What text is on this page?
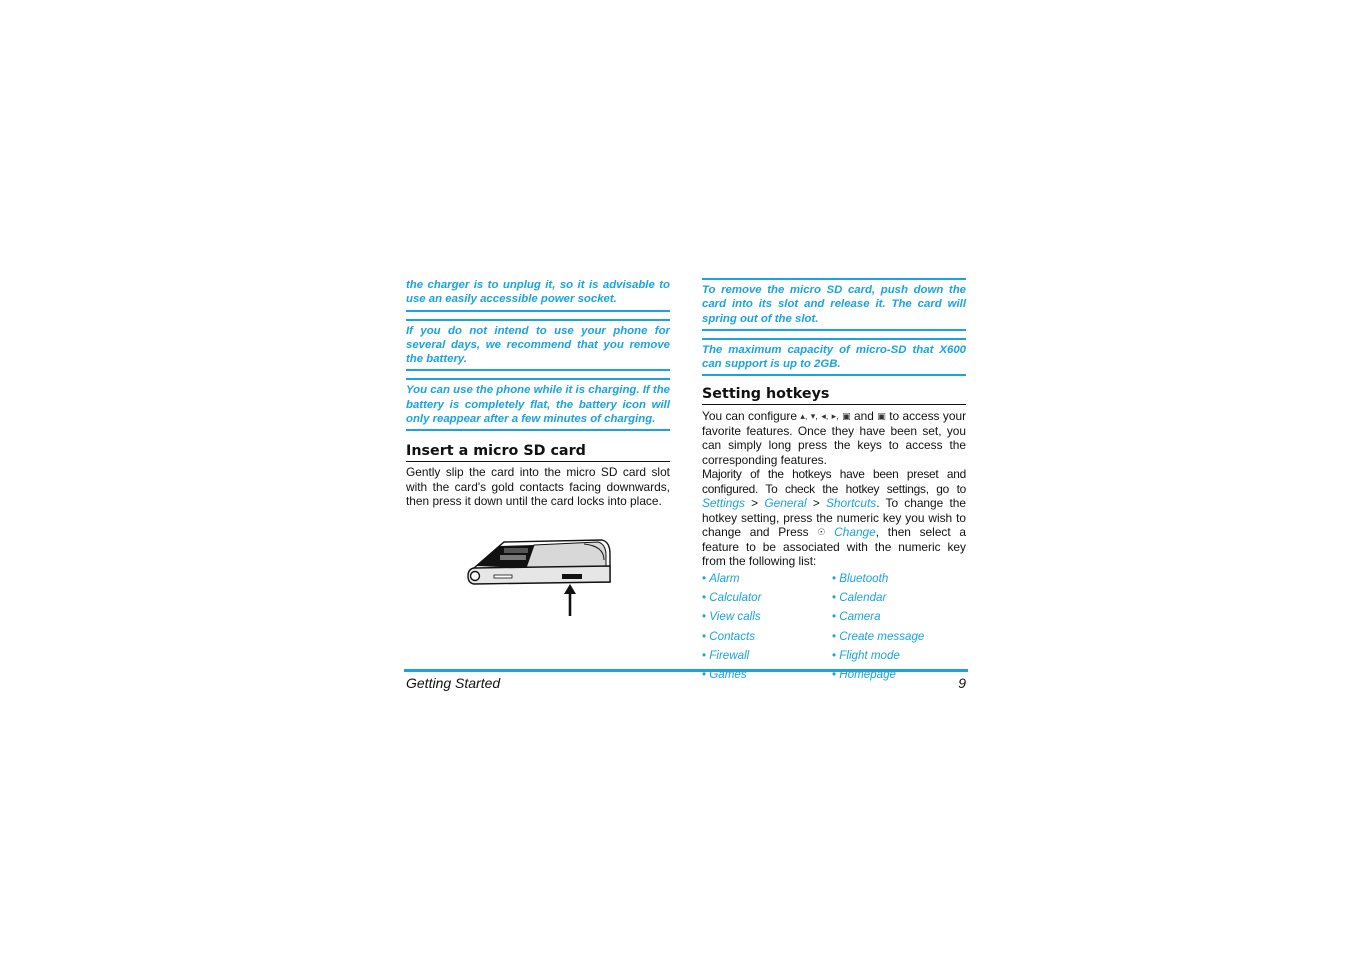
the charger is to unplug it, so it is advisable to use an easily accessible power socket.
If you do not intend to use your phone for several days, we recommend that you remove the battery.
You can use the phone while it is charging. If the battery is completely flat, the battery icon will only reappear after a few minutes of charging.
Insert a micro SD card

Gently slip the card into the micro SD card slot with the card's gold contacts facing downwards, then press it down until the card locks into place.

To remove the micro SD card, push down the card into its slot and release it. The card will spring out of the slot.
The maximum capacity of micro-SD that X600 can support is up to 2GB.
Setting hotkeys

You can configure ▴, ▾, ◂, ▸, ▣ and ▣ to access your favorite features. Once they have been set, you can simply long press the keys to access the corresponding features.

Majority of the hotkeys have been preset and configured. To check the hotkey settings, go to Settings > General > Shortcuts. To change the hotkey setting, press the numeric key you wish to change and Press ☉ Change, then select a feature to be associated with the numeric key from the following list:

• Alarm	• Bluetooth
• Calculator	• Calendar
• View calls	• Camera
• Contacts	• Create message
• Firewall	• Flight mode
• Games	• Homepage
Getting Started	9
